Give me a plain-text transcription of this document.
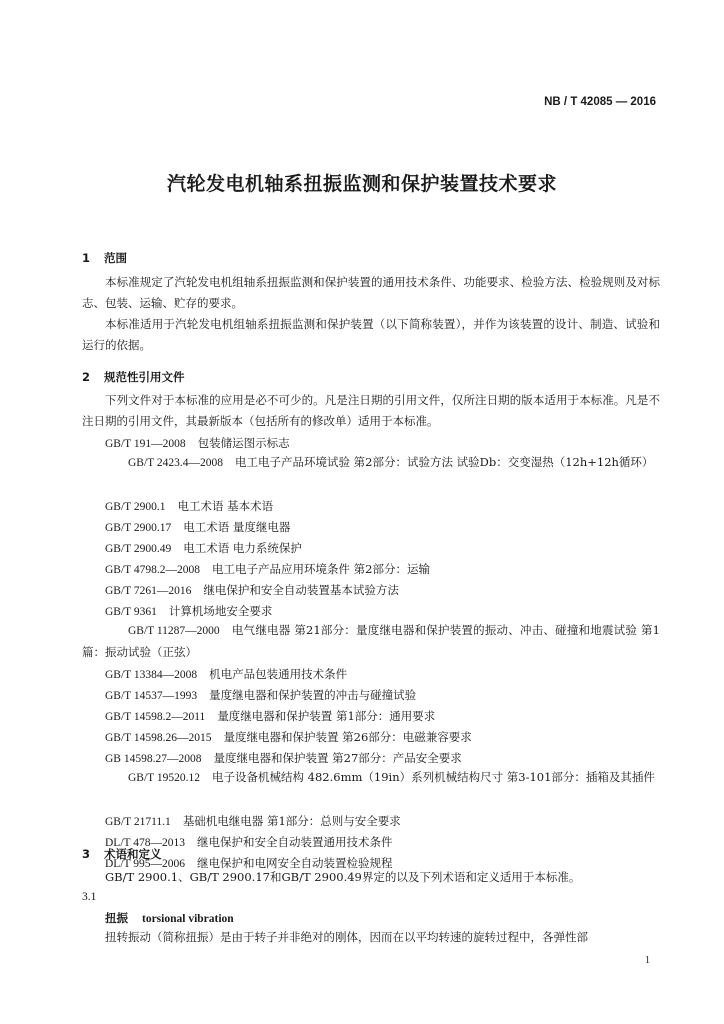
NB / T 42085 — 2016
汽轮发电机轴系扭振监测和保护装置技术要求
1 范围
本标准规定了汽轮发电机组轴系扭振监测和保护装置的通用技术条件、功能要求、检验方法、检验规则及对标志、包装、运输、贮存的要求。
本标准适用于汽轮发电机组轴系扭振监测和保护装置（以下简称装置），并作为该装置的设计、制造、试验和运行的依据。
2 规范性引用文件
下列文件对于本标准的应用是必不可少的。凡是注日期的引用文件，仅所注日期的版本适用于本标准。凡是不注日期的引用文件，其最新版本（包括所有的修改单）适用于本标准。
GB/T 191—2008 包装储运图示标志
GB/T 2423.4—2008 电工电子产品环境试验 第2部分：试验方法 试验Db：交变湿热（12h+12h循环）
GB/T 2900.1 电工术语 基本术语
GB/T 2900.17 电工术语 量度继电器
GB/T 2900.49 电工术语 电力系统保护
GB/T 4798.2—2008 电工电子产品应用环境条件 第2部分：运输
GB/T 7261—2016 继电保护和安全自动装置基本试验方法
GB/T 9361 计算机场地安全要求
GB/T 11287—2000 电气继电器 第21部分：量度继电器和保护装置的振动、冲击、碰撞和地震试验 第1篇：振动试验（正弦）
GB/T 13384—2008 机电产品包装通用技术条件
GB/T 14537—1993 量度继电器和保护装置的冲击与碰撞试验
GB/T 14598.2—2011 量度继电器和保护装置 第1部分：通用要求
GB/T 14598.26—2015 量度继电器和保护装置 第26部分：电磁兼容要求
GB 14598.27—2008 量度继电器和保护装置 第27部分：产品安全要求
GB/T 19520.12 电子设备机械结构 482.6mm（19in）系列机械结构尺寸 第3-101部分：插箱及其插件
GB/T 21711.1 基础机电继电器 第1部分：总则与安全要求
DL/T 478—2013 继电保护和安全自动装置通用技术条件
DL/T 995—2006 继电保护和电网安全自动装置检验规程
3 术语和定义
GB/T 2900.1、GB/T 2900.17和GB/T 2900.49界定的以及下列术语和定义适用于本标准。
3.1
扭振 torsional vibration
扭转振动（简称扭振）是由于转子并非绝对的刚体，因而在以平均转速的旋转过程中，各弹性部
1
